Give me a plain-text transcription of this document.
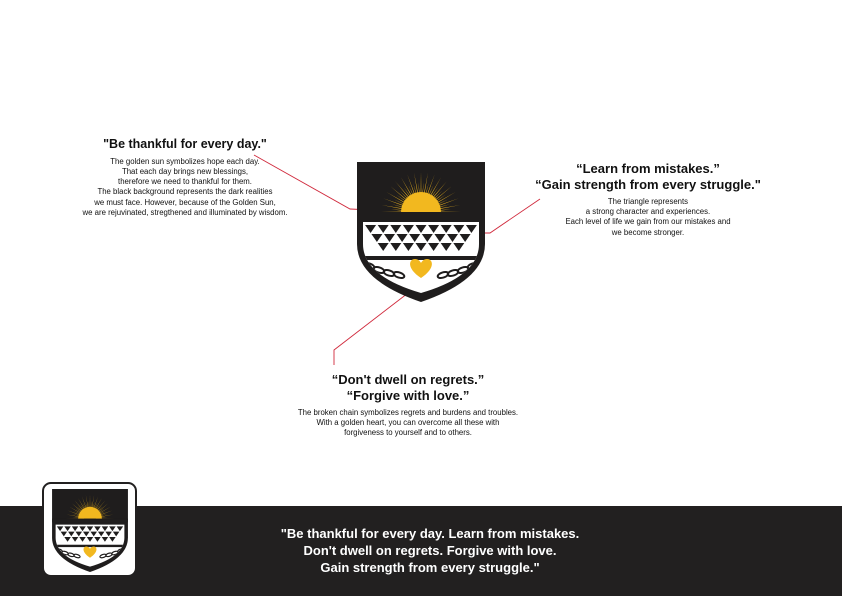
"Be thankful for every day."
The golden sun symbolizes hope each day.
That each day brings new blessings,
therefore we need to thankful for them.
The black background represents the dark realities
we must face. However, because of the Golden Sun,
we are rejuvinated, stregthened and illuminated by wisdom.
“Learn from mistakes.”
“Gain strength from every struggle."
The triangle represents
a strong character and experiences.
Each level of life we gain from our mistakes and
we become stronger.
“Don't dwell on regrets.”
“Forgive with love.”
The broken chain symbolizes regrets and burdens and troubles.
With a golden heart, you can overcome all these with
forgiveness to yourself and to others.
"Be thankful for every day. Learn from mistakes.
Don't dwell on regrets. Forgive with love.
Gain strength from every struggle."
